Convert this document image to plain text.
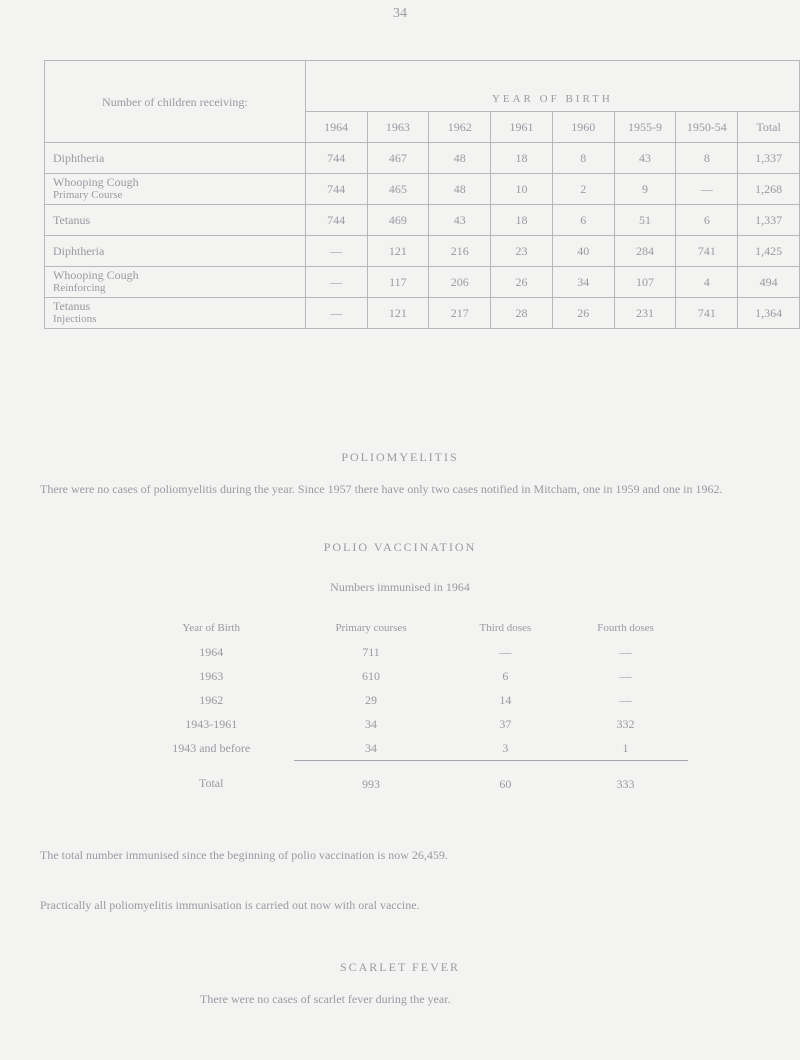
34
Number of children receiving:	YEAR OF BIRTH							
	1964	1963	1962	1961	1960	1955-9	1950-54	Total
Diphtheria	744	467	48	18	8	43	8	1,337
Whooping Cough
Primary Course	744	465	48	10	2	9	—	1,268
Tetanus	744	469	43	18	6	51	6	1,337
Diphtheria	—	121	216	23	40	284	741	1,425
Whooping Cough
Reinforcing	—	117	206	26	34	107	4	494
Tetanus
Injections	—	121	217	28	26	231	741	1,364
POLIOMYELITIS
There were no cases of poliomyelitis during the year. Since 1957 there have only two cases notified in Mitcham, one in 1959 and one in 1962.
POLIO VACCINATION
Numbers immunised in 1964
Year of Birth	Primary courses	Third doses	Fourth doses
1964	711	—	—
1963	610	6	—
1962	29	14	—
1943-1961	34	37	332
1943 and before	34	3	1
Total	993	60	333
The total number immunised since the beginning of polio vaccination is now 26,459.
Practically all poliomyelitis immunisation is carried out now with oral vaccine.
SCARLET FEVER
There were no cases of scarlet fever during the year.
